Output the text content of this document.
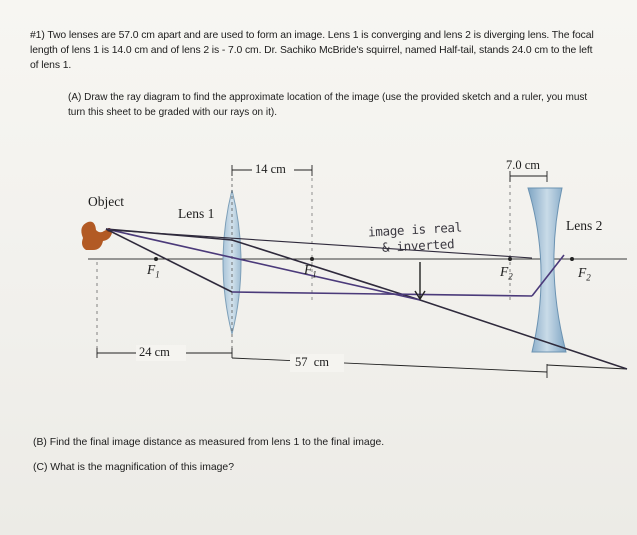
#1) Two lenses are 57.0 cm apart and are used to form an image. Lens 1 is converging and lens 2 is diverging lens. The focal length of lens 1 is 14.0 cm and of lens 2 is - 7.0 cm. Dr. Sachiko McBride's squirrel, named Half-tail, stands 24.0 cm to the left of lens 1.
(A) Draw the ray diagram to find the approximate location of the image (use the provided sketch and a ruler, you must turn this sheet to be graded with our rays on it).
Object
Lens 1
Lens 2
$F_1$	$F_1$	$F_2$	$F_2$
14 cm	7.0 cm
24 cm
57  cm
image is real
& inverted
(B) Find the final image distance as measured from lens 1 to the final image.
(C) What is the magnification of this image?
